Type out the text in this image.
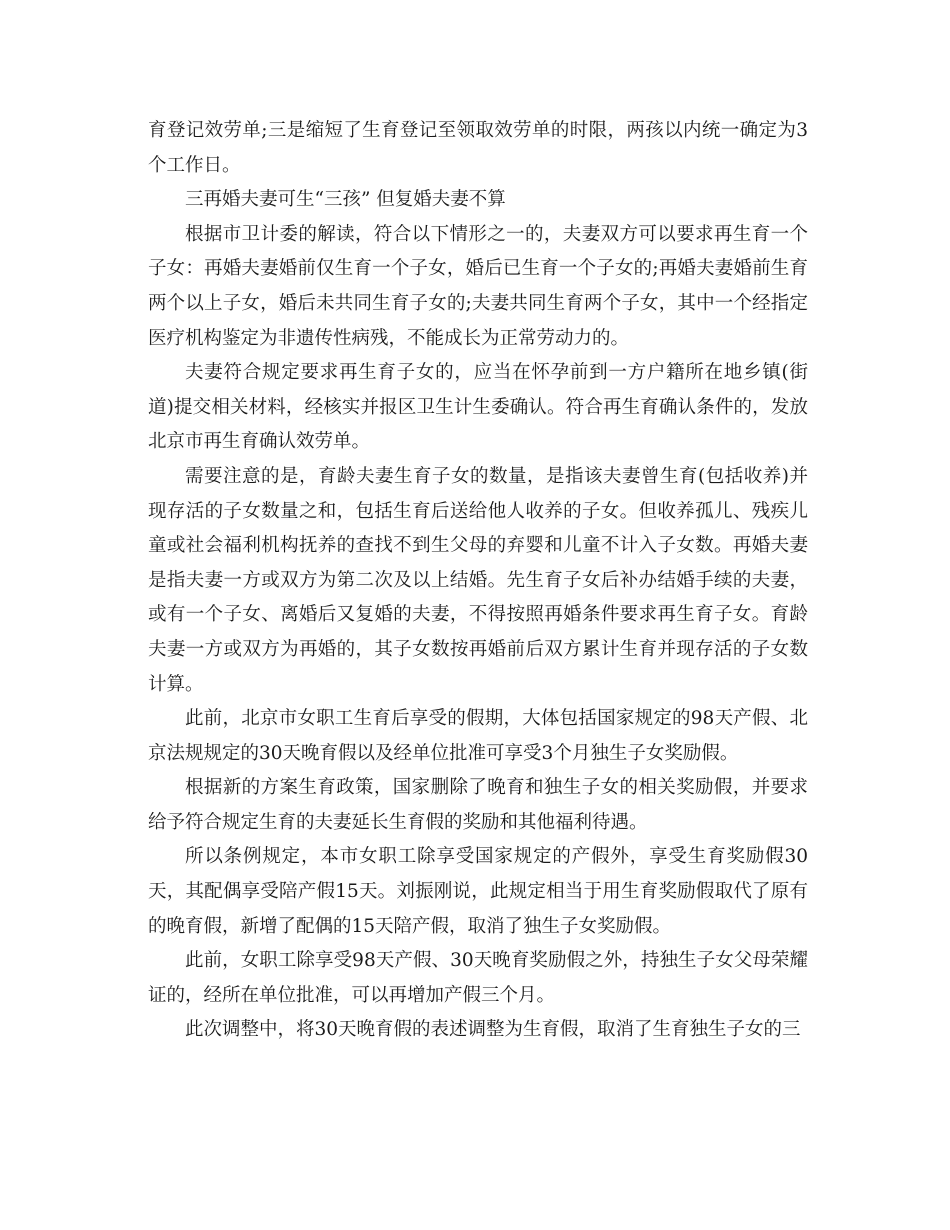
育登记效劳单;三是缩短了生育登记至领取效劳单的时限，两孩以内统一确定为3个工作日。

三再婚夫妻可生“三孩” 但复婚夫妻不算

根据市卫计委的解读，符合以下情形之一的，夫妻双方可以要求再生育一个子女：再婚夫妻婚前仅生育一个子女，婚后已生育一个子女的;再婚夫妻婚前生育两个以上子女，婚后未共同生育子女的;夫妻共同生育两个子女，其中一个经指定医疗机构鉴定为非遗传性病残，不能成长为正常劳动力的。

夫妻符合规定要求再生育子女的，应当在怀孕前到一方户籍所在地乡镇(街道)提交相关材料，经核实并报区卫生计生委确认。符合再生育确认条件的，发放北京市再生育确认效劳单。

需要注意的是，育龄夫妻生育子女的数量，是指该夫妻曾生育(包括收养)并现存活的子女数量之和，包括生育后送给他人收养的子女。但收养孤儿、残疾儿童或社会福利机构抚养的查找不到生父母的弃婴和儿童不计入子女数。再婚夫妻是指夫妻一方或双方为第二次及以上结婚。先生育子女后补办结婚手续的夫妻，或有一个子女、离婚后又复婚的夫妻，不得按照再婚条件要求再生育子女。育龄夫妻一方或双方为再婚的，其子女数按再婚前后双方累计生育并现存活的子女数计算。

此前，北京市女职工生育后享受的假期，大体包括国家规定的98天产假、北京法规规定的30天晚育假以及经单位批准可享受3个月独生子女奖励假。

根据新的方案生育政策，国家删除了晚育和独生子女的相关奖励假，并要求给予符合规定生育的夫妻延长生育假的奖励和其他福利待遇。

所以条例规定，本市女职工除享受国家规定的产假外，享受生育奖励假30天，其配偶享受陪产假15天。刘振刚说，此规定相当于用生育奖励假取代了原有的晚育假，新增了配偶的15天陪产假，取消了独生子女奖励假。

此前，女职工除享受98天产假、30天晚育奖励假之外，持独生子女父母荣耀证的，经所在单位批准，可以再增加产假三个月。

此次调整中，将30天晚育假的表述调整为生育假，取消了生育独生子女的三
